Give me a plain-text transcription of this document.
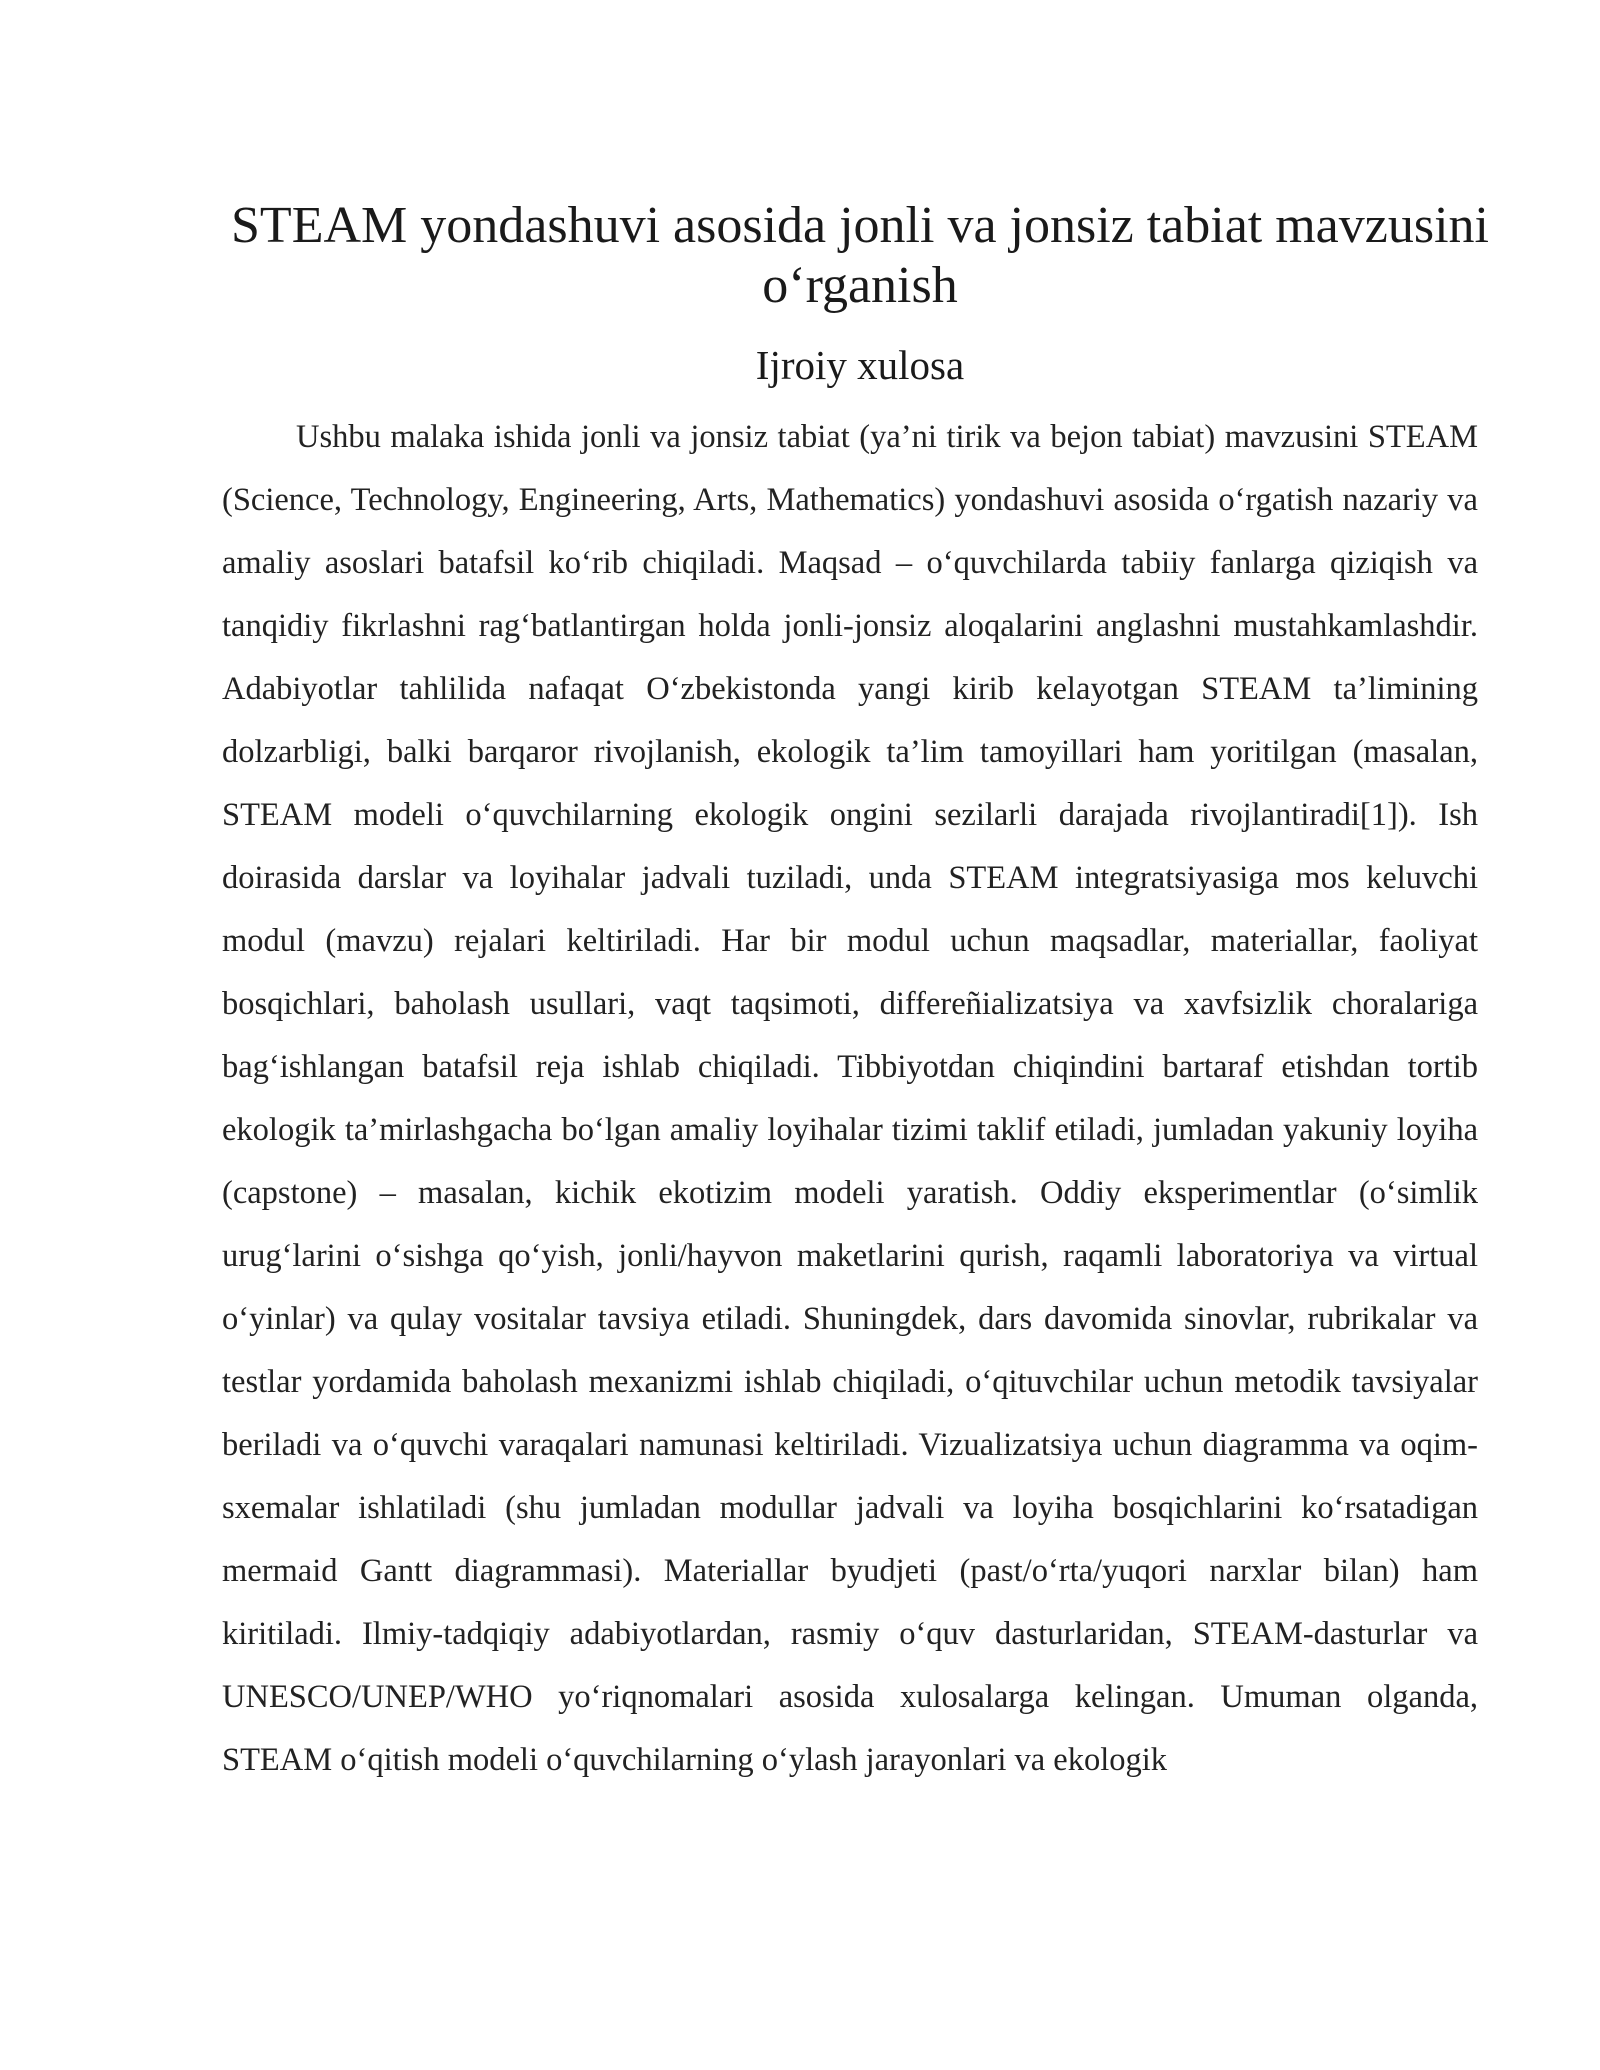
STEAM yondashuvi asosida jonli va jonsiz tabiat mavzusini o‘rganish
Ijroiy xulosa

Ushbu malaka ishida jonli va jonsiz tabiat (ya’ni tirik va bejon tabiat) mavzusini STEAM (Science, Technology, Engineering, Arts, Mathematics) yondashuvi asosida o‘rgatish nazariy va amaliy asoslari batafsil ko‘rib chiqiladi. Maqsad – o‘quvchilarda tabiiy fanlarga qiziqish va tanqidiy fikrlashni rag‘batlantirgan holda jonli-jonsiz aloqalarini anglashni mustahkamlashdir. Adabiyotlar tahlilida nafaqat O‘zbekistonda yangi kirib kelayotgan STEAM ta’limining dolzarbligi, balki barqaror rivojlanish, ekologik ta’lim tamoyillari ham yoritilgan (masalan, STEAM modeli o‘quvchilarning ekologik ongini sezilarli darajada rivojlantiradi[1]). Ish doirasida darslar va loyihalar jadvali tuziladi, unda STEAM integratsiyasiga mos keluvchi modul (mavzu) rejalari keltiriladi. Har bir modul uchun maqsadlar, materiallar, faoliyat bosqichlari, baholash usullari, vaqt taqsimoti, differeñializatsiya va xavfsizlik choralariga bag‘ishlangan batafsil reja ishlab chiqiladi. Tibbiyotdan chiqindini bartaraf etishdan tortib ekologik ta’mirlashgacha bo‘lgan amaliy loyihalar tizimi taklif etiladi, jumladan yakuniy loyiha (capstone) – masalan, kichik ekotizim modeli yaratish. Oddiy eksperimentlar (o‘simlik urug‘larini o‘sishga qo‘yish, jonli/hayvon maketlarini qurish, raqamli laboratoriya va virtual o‘yinlar) va qulay vositalar tavsiya etiladi. Shuningdek, dars davomida sinovlar, rubrikalar va testlar yordamida baholash mexanizmi ishlab chiqiladi, o‘qituvchilar uchun metodik tavsiyalar beriladi va o‘quvchi varaqalari namunasi keltiriladi. Vizualizatsiya uchun diagramma va oqim-sxemalar ishlatiladi (shu jumladan modullar jadvali va loyiha bosqichlarini ko‘rsatadigan mermaid Gantt diagrammasi). Materiallar byudjeti (past/o‘rta/yuqori narxlar bilan) ham kiritiladi. Ilmiy-tadqiqiy adabiyotlardan, rasmiy o‘quv dasturlaridan, STEAM-dasturlar va UNESCO/UNEP/WHO yo‘riqnomalari asosida xulosalarga kelingan. Umuman olganda, STEAM o‘qitish modeli o‘quvchilarning o‘ylash jarayonlari va ekologik
